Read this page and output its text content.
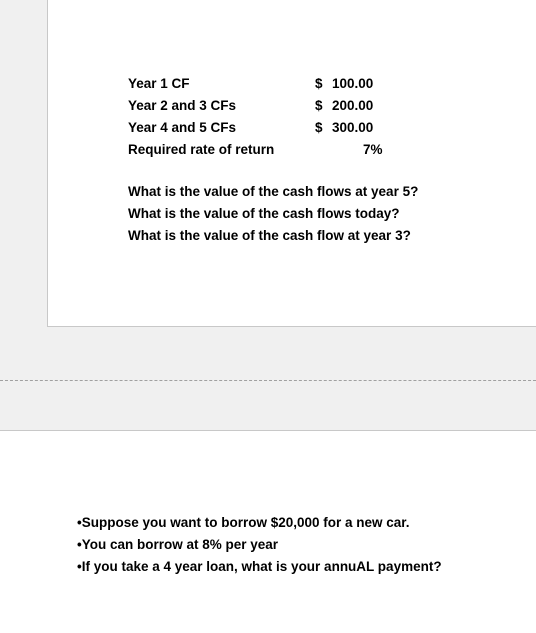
Year 1 CF	$ 100.00
Year 2 and 3 CFs	$ 200.00
Year 4 and 5 CFs	$ 300.00
Required rate of return	7%
What is the value of the cash flows at year 5?
What is the value of the cash flows today?
What is the value of the cash flow at year 3?
•Suppose you want to borrow $20,000 for a new car.
•You can borrow at 8% per year
•If you take a 4 year loan, what is your annuAL payment?
